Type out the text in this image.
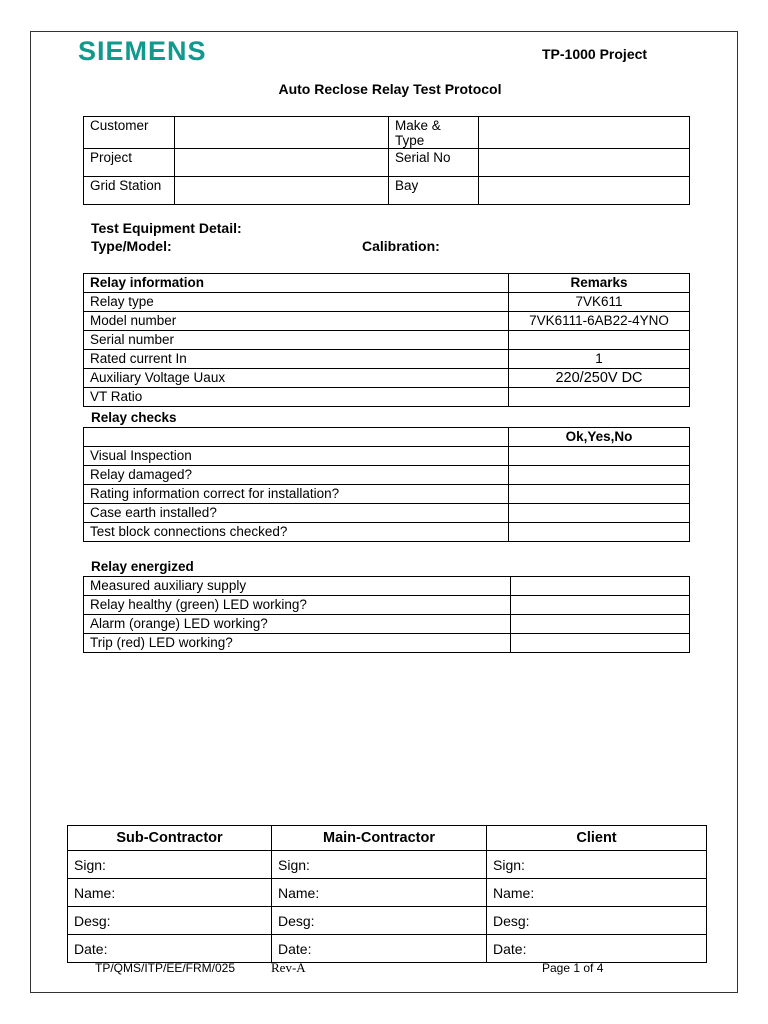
SIEMENS	TP-1000 Project
Auto Reclose Relay Test Protocol
Customer		Make & Type	
Project		Serial No	
Grid Station		Bay	
Test Equipment Detail:
Type/Model:	Calibration:
Relay information	Remarks
Relay type	7VK611
Model number	7VK6111-6AB22-4YNO
Serial number	
Rated current In	1
Auxiliary Voltage Uaux	220/250V DC
VT Ratio	
Relay checks
	Ok,Yes,No
Visual Inspection	
Relay damaged?	
Rating information correct for installation?	
Case earth installed?	
Test block connections checked?	
Relay energized
Measured auxiliary supply	
Relay healthy (green) LED working?	
Alarm (orange) LED working?	
Trip (red) LED working?	
Sub-Contractor	Main-Contractor	Client
Sign:	Sign:	Sign:
Name:	Name:	Name:
Desg:	Desg:	Desg:
Date:	Date:	Date:
TP/QMS/ITP/EE/FRM/025	Rev-A	Page 1 of 4
